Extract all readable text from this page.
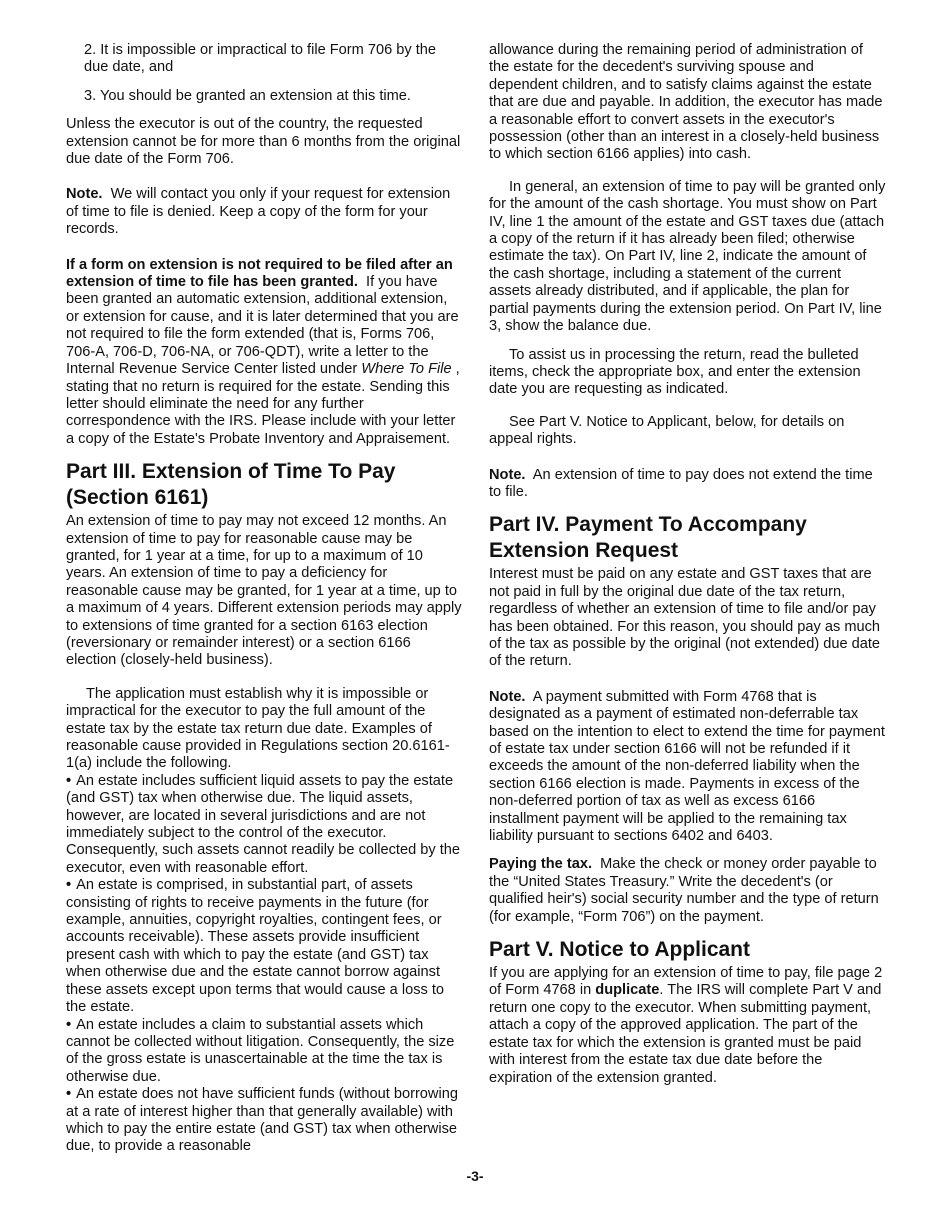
2. It is impossible or impractical to file Form 706 by the due date, and
3. You should be granted an extension at this time.

Unless the executor is out of the country, the requested extension cannot be for more than 6 months from the original due date of the Form 706.

Note. We will contact you only if your request for extension of time to file is denied. Keep a copy of the form for your records.

If a form on extension is not required to be filed after an extension of time to file has been granted. If you have been granted an automatic extension, additional extension, or extension for cause, and it is later determined that you are not required to file the form extended (that is, Forms 706, 706-A, 706-D, 706-NA, or 706-QDT), write a letter to the Internal Revenue Service Center listed under Where To File , stating that no return is required for the estate. Sending this letter should eliminate the need for any further correspondence with the IRS. Please include with your letter a copy of the Estate's Probate Inventory and Appraisement.

Part III. Extension of Time To Pay
(Section 6161)

An extension of time to pay may not exceed 12 months. An extension of time to pay for reasonable cause may be granted, for 1 year at a time, for up to a maximum of 10 years. An extension of time to pay a deficiency for reasonable cause may be granted, for 1 year at a time, up to a maximum of 4 years. Different extension periods may apply to extensions of time granted for a section 6163 election (reversionary or remainder interest) or a section 6166 election (closely-held business).

The application must establish why it is impossible or impractical for the executor to pay the full amount of the estate tax by the estate tax return due date. Examples of reasonable cause provided in Regulations section 20.6161-1(a) include the following.

• An estate includes sufficient liquid assets to pay the estate (and GST) tax when otherwise due. The liquid assets, however, are located in several jurisdictions and are not immediately subject to the control of the executor. Consequently, such assets cannot readily be collected by the executor, even with reasonable effort.

• An estate is comprised, in substantial part, of assets consisting of rights to receive payments in the future (for example, annuities, copyright royalties, contingent fees, or accounts receivable). These assets provide insufficient present cash with which to pay the estate (and GST) tax when otherwise due and the estate cannot borrow against these assets except upon terms that would cause a loss to the estate.

• An estate includes a claim to substantial assets which cannot be collected without litigation. Consequently, the size of the gross estate is unascertainable at the time the tax is otherwise due.

• An estate does not have sufficient funds (without borrowing at a rate of interest higher than that generally available) with which to pay the entire estate (and GST) tax when otherwise due, to provide a reasonable

allowance during the remaining period of administration of the estate for the decedent's surviving spouse and dependent children, and to satisfy claims against the estate that are due and payable. In addition, the executor has made a reasonable effort to convert assets in the executor's possession (other than an interest in a closely-held business to which section 6166 applies) into cash.

In general, an extension of time to pay will be granted only for the amount of the cash shortage. You must show on Part IV, line 1 the amount of the estate and GST taxes due (attach a copy of the return if it has already been filed; otherwise estimate the tax). On Part IV, line 2, indicate the amount of the cash shortage, including a statement of the current assets already distributed, and if applicable, the plan for partial payments during the extension period. On Part IV, line 3, show the balance due.

To assist us in processing the return, read the bulleted items, check the appropriate box, and enter the extension date you are requesting as indicated.

See Part V. Notice to Applicant, below, for details on appeal rights.

Note. An extension of time to pay does not extend the time to file.

Part IV. Payment To Accompany
Extension Request

Interest must be paid on any estate and GST taxes that are not paid in full by the original due date of the tax return, regardless of whether an extension of time to file and/or pay has been obtained. For this reason, you should pay as much of the tax as possible by the original (not extended) due date of the return.

Note. A payment submitted with Form 4768 that is designated as a payment of estimated non-deferrable tax based on the intention to elect to extend the time for payment of estate tax under section 6166 will not be refunded if it exceeds the amount of the non-deferred liability when the section 6166 election is made. Payments in excess of the non-deferred portion of tax as well as excess 6166 installment payment will be applied to the remaining tax liability pursuant to sections 6402 and 6403.

Paying the tax. Make the check or money order payable to the “United States Treasury.” Write the decedent's (or qualified heir's) social security number and the type of return (for example, “Form 706”) on the payment.

Part V. Notice to Applicant

If you are applying for an extension of time to pay, file page 2 of Form 4768 in duplicate. The IRS will complete Part V and return one copy to the executor. When submitting payment, attach a copy of the approved application. The part of the estate tax for which the extension is granted must be paid with interest from the estate tax due date before the expiration of the extension granted.

-3-
